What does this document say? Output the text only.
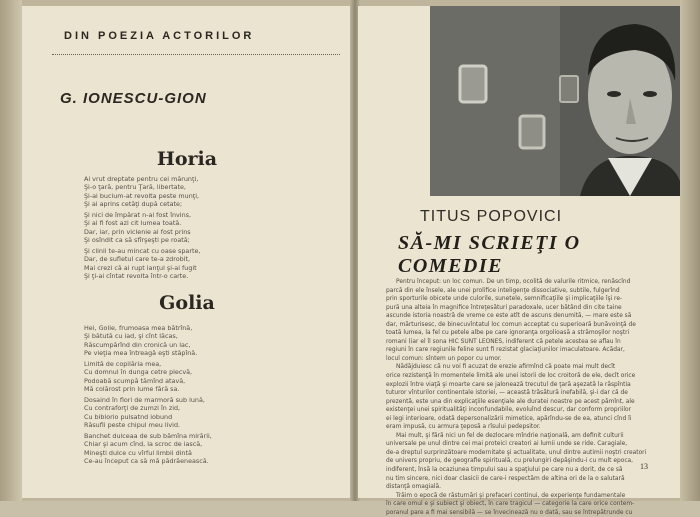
DIN POEZIA ACTORILOR
G. IONESCU-GION
Horia
Ai vrut dreptate pentru cei mărunţi,
Şi-o ţară, pentru Ţară, libertate,
Şi-ai bucium-at revolta peste munţi,
Şi ai aprins cetăţi după cetate;
Şi nici de împărat n-ai fost învins,
Şi ai fi fost azi cit lumea toată.
Dar, iar, prin vicleniе ai fost prins
Şi osîndit ca să sfîrşeşti pe roată;
Şi clinii te-au mincat cu oase sparte,
Dar, de sufletul care te-a zdrobit,
Mai crezi că ai rupt lanţul şi-ai fugit
Şi ţi-ai cîntat revolta într-o carte.
Golia
Hei, Golie, frumoasa mea bătrînă,
Şi bătută cu iad, şi cînt lăcas,
Răscumpărînd din cronică un lac,
Pe vieţia mea întreagă eşti stăpînă.
Limită de copilăria mea,
Cu domnul în dunga cetre plecvă,
Podoabă scumpă tămînd atavă,
Mă colărost prin lume fără sa.
Dosaind în flori de marmoră sub lună,
Cu contraforţi de zumzi în zid,
Cu biblorio pulsatnd iobund
Răsufli peste chipul meu livid.
Banchet dulceaa de sub bămîna mirării,
Chiar şi acum cînd, la scroc de iască,
Mineşti dulce cu vîrful limbii dintă
Ce-au început ca să mă pădrăenească.
TITUS POPOVICI
SĂ-MI SCRIEŢI O COMEDIE
Pentru început: un loc comun. De un timp, ocolită de valurile ritmice, renăscînd
parcă din ele însele, ale unei prolifice inteligenţe dissociative, subtile, fulgerînd
prin sporturile obicete unde culorile, sunetele, semnificaţiile şi implicaţiile îşi re-
pură una alteia în magnifice întreţesături paradoxale, ucer bătănd din cite taine
ascunde istoria noastră de vreme ce este atît de ascuns denumită, — mare este să
dar, mărturisesc, de binecuvîntatul loc comun acceptat cu superioară bunăvoinţă de
toată lumea, la fel cu petele albe pe care ignoranţa orgolioasă a strămoşilor noştri
romani (iar el îl sona HIC SUNT LEONES, indiferent că petele acestea se aflau în
regiuni în care regiunile feline sunt fi rezistat glaciaţiunilor imaculatoare. Acădar,
locul comun: sîntem un popor cu umor.
Nădăjduiesc că nu voi fi acuzat de erezie afirmînd că poate mai mult decît
orice rezistenţă în momentele limită ale unei istorii de loc croitoră de ele, decît orice
explozii între viaţă şi moarte care se jalonează trecutul de ţară aşezată la răspîntia
tuturor vînturilor continentale istoriei, — această trăsătură inefabilă, şi-i dar că de
prezentă, este una din explicaţiile esenţiale ale duratei noastre pe acest pămînt, ale
existenţei unei spiritualităţi inconfundabile, evoluînd descur, dar conform propriilor
ei legi interioare, odată depersonalizării mimetice, apărîndu-se de ea, atunci cînd îi
eram impusă, cu armura ţeposă a rîsului pedepsitor.
Mai mult, şi fără nici un fel de dezlocare mîndrie naţională, am definit culturii
universale pe unul dintre cei mai proteici creatori ai lumii unde se ride. Caragiale,
de-a dreptul surprinzătoare modernitate şi actualitate, unul dintre autimii noştri creatori
de univers propriu, de geografie spirituală, cu prelungiri depăşindu-i cu mult epoca,
indiferent, însă la ocaziunea timpului sau a spaţiului pe care nu a dorit, de ce să
nu tim sincere, nici doar clasicii de care-i respectăm de altina ori de la o salutară
distanţă omagială.
Trăim o epocă de răsturnări şi prefaceri continui, de experienţe fundamentale
în care omul e şi subiect şi obiect, în care tragicul — categorie la care orice contem-
poranul pare a fi mai sensibilă — se învecinează nu o dată, sau se întrepătrunde cu
13
